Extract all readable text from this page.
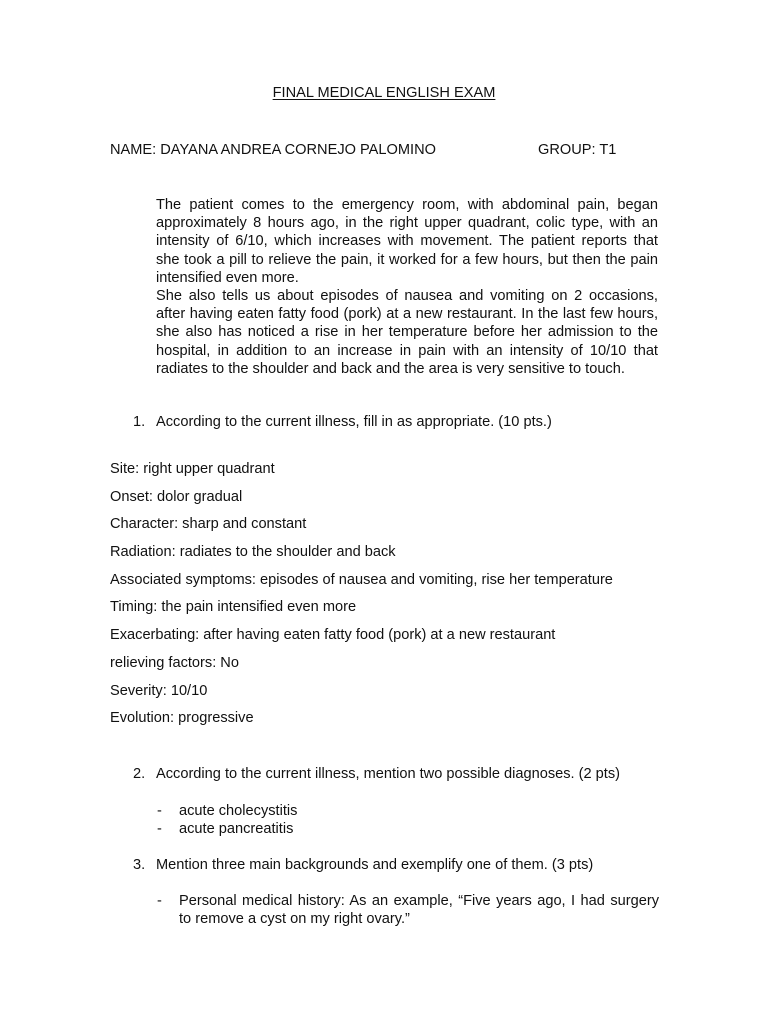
FINAL MEDICAL ENGLISH EXAM
NAME: DAYANA ANDREA CORNEJO PALOMINO	GROUP: T1

The patient comes to the emergency room, with abdominal pain, began approximately 8 hours ago, in the right upper quadrant, colic type, with an intensity of 6/10, which increases with movement. The patient reports that she took a pill to relieve the pain, it worked for a few hours, but then the pain intensified even more.

She also tells us about episodes of nausea and vomiting on 2 occasions, after having eaten fatty food (pork) at a new restaurant. In the last few hours, she also has noticed a rise in her temperature before her admission to the hospital, in addition to an increase in pain with an intensity of 10/10 that radiates to the shoulder and back and the area is very sensitive to touch.

1. According to the current illness, fill in as appropriate. (10 pts.)
Site: right upper quadrant
Onset: dolor gradual
Character: sharp and constant
Radiation: radiates to the shoulder and back
Associated symptoms: episodes of nausea and vomiting, rise her temperature
Timing: the pain intensified even more
Exacerbating: after having eaten fatty food (pork) at a new restaurant
relieving factors: No
Severity: 10/10
Evolution: progressive
2. According to the current illness, mention two possible diagnoses. (2 pts)
- acute cholecystitis
- acute pancreatitis
3. Mention three main backgrounds and exemplify one of them. (3 pts)
- Personal medical history: As an example, “Five years ago, I had surgery to remove a cyst on my right ovary.”
